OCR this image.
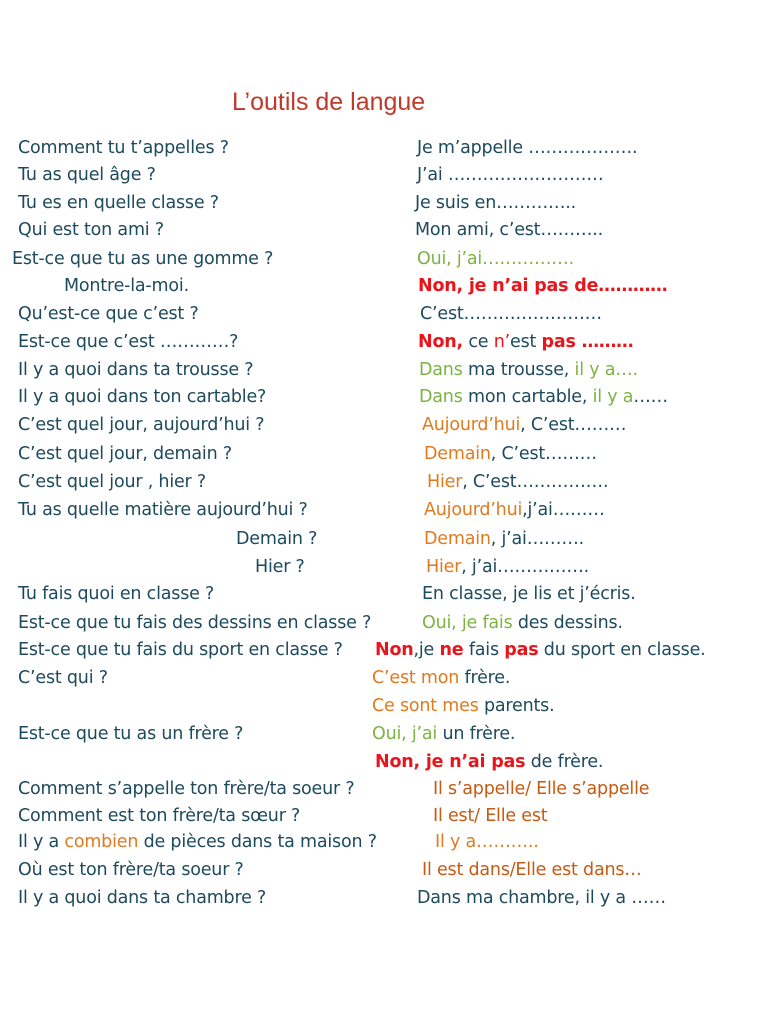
L’outils de langue
Comment tu t’appelles ?
Tu as quel âge ?
Tu es en quelle classe ?
Qui est ton ami ?
Est-ce que tu as une gomme ?
Montre-la-moi.
Qu’est-ce que c’est ?
Est-ce que c’est …………?
Il y a quoi dans ta trousse ?
Il y a quoi dans ton cartable?
C’est quel jour, aujourd’hui ?
C’est quel jour, demain ?
C’est quel jour , hier ?
Tu as quelle matière aujourd’hui ?
Demain ?
Hier ?
Tu fais quoi en classe ?
Est-ce que tu fais des dessins en classe ?
Est-ce que tu fais du sport en classe ?
C’est qui ?
Est-ce que tu as un frère ?
Comment s’appelle ton frère/ta soeur ?
Comment est ton frère/ta sœur ?
Il y a combien de pièces dans ta maison ?
Où est ton frère/ta soeur ?
Il y a quoi dans ta chambre ?
Je m’appelle ……………….
J’ai ………………………
Je suis en…………..
Mon ami, c’est………..
Oui, j’ai…………….
Non, je n’ai pas de…………
C’est……………………
Non, ce n’est pas ………
Dans ma trousse, il y a….
Dans mon cartable, il y a……
Aujourd’hui, C’est………
Demain, C’est………
Hier, C’est…………….
Aujourd’hui,j’ai………
Demain, j’ai……….
Hier, j’ai…………….
En classe, je lis et j’écris.
Oui, je fais des dessins.
Non,je ne fais pas du sport en classe.
C’est mon frère.
Ce sont mes parents.
Oui, j’ai un frère.
Non, je n’ai pas de frère.
Il s’appelle/ Elle s’appelle
Il est/ Elle est
Il y a………..
Il est dans/Elle est dans…
Dans ma chambre, il y a ……
